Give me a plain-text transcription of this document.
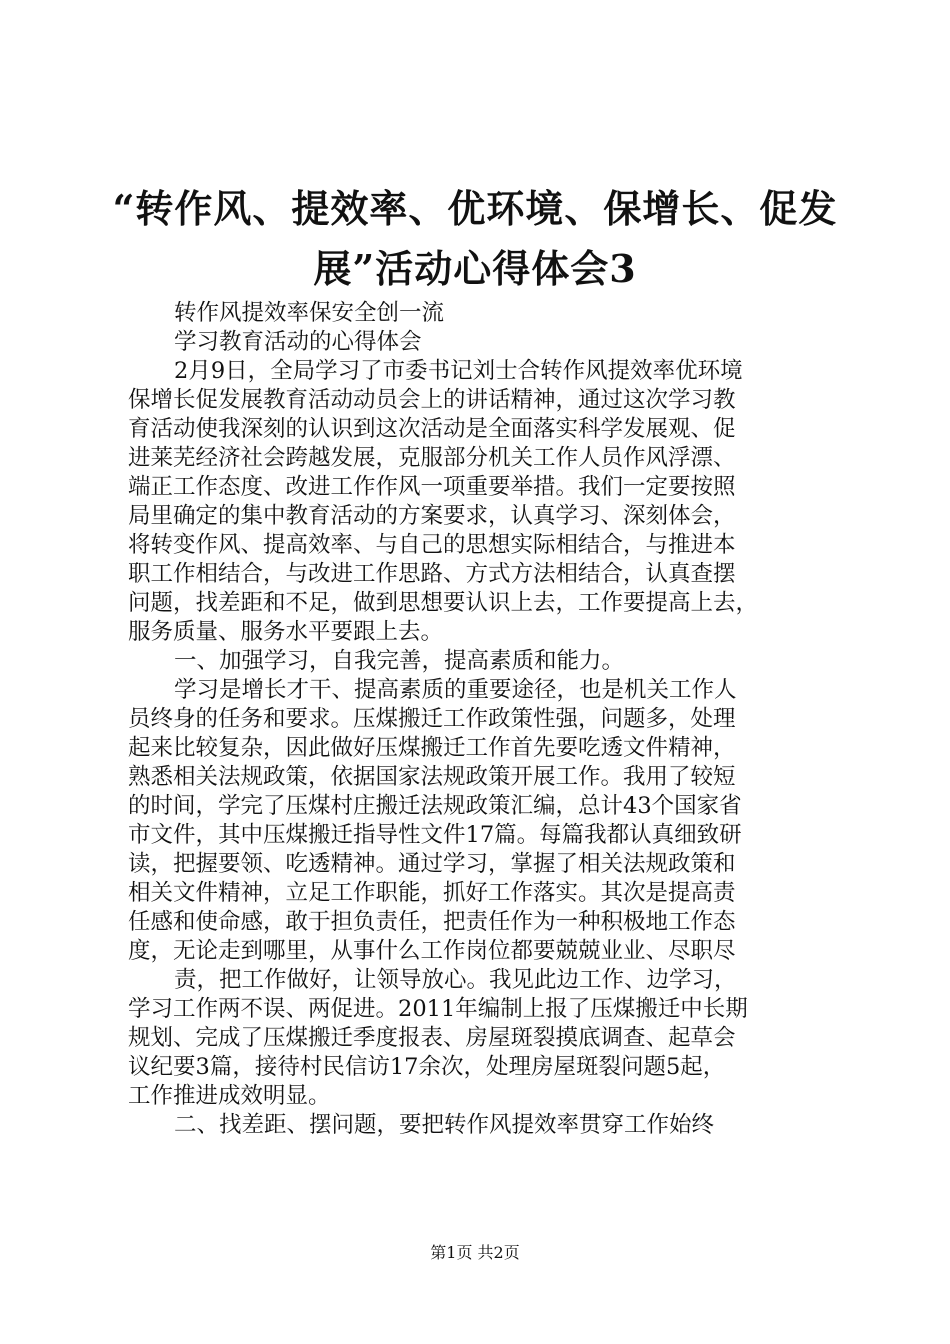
“转作风、提效率、优环境、保增长、促发
展”活动心得体会3
转作风提效率保安全创一流
学习教育活动的心得体会
2月9日，全局学习了市委书记刘士合转作风提效率优环境
保增长促发展教育活动动员会上的讲话精神，通过这次学习教
育活动使我深刻的认识到这次活动是全面落实科学发展观、促
进莱芜经济社会跨越发展，克服部分机关工作人员作风浮漂、
端正工作态度、改进工作作风一项重要举措。我们一定要按照
局里确定的集中教育活动的方案要求，认真学习、深刻体会，
将转变作风、提高效率、与自己的思想实际相结合，与推进本
职工作相结合，与改进工作思路、方式方法相结合，认真查摆
问题，找差距和不足，做到思想要认识上去，工作要提高上去，
服务质量、服务水平要跟上去。
一、加强学习，自我完善，提高素质和能力。
学习是增长才干、提高素质的重要途径，也是机关工作人
员终身的任务和要求。压煤搬迁工作政策性强，问题多，处理
起来比较复杂，因此做好压煤搬迁工作首先要吃透文件精神，
熟悉相关法规政策，依据国家法规政策开展工作。我用了较短
的时间，学完了压煤村庄搬迁法规政策汇编，总计43个国家省
市文件，其中压煤搬迁指导性文件17篇。每篇我都认真细致研
读，把握要领、吃透精神。通过学习，掌握了相关法规政策和
相关文件精神，立足工作职能，抓好工作落实。其次是提高责
任感和使命感，敢于担负责任，把责任作为一种积极地工作态
度，无论走到哪里，从事什么工作岗位都要兢兢业业、尽职尽
责，把工作做好，让领导放心。我见此边工作、边学习，
学习工作两不误、两促进。2011年编制上报了压煤搬迁中长期
规划、完成了压煤搬迁季度报表、房屋斑裂摸底调查、起草会
议纪要3篇，接待村民信访17余次，处理房屋斑裂问题5起，
工作推进成效明显。
二、找差距、摆问题，要把转作风提效率贯穿工作始终
第1页 共2页
